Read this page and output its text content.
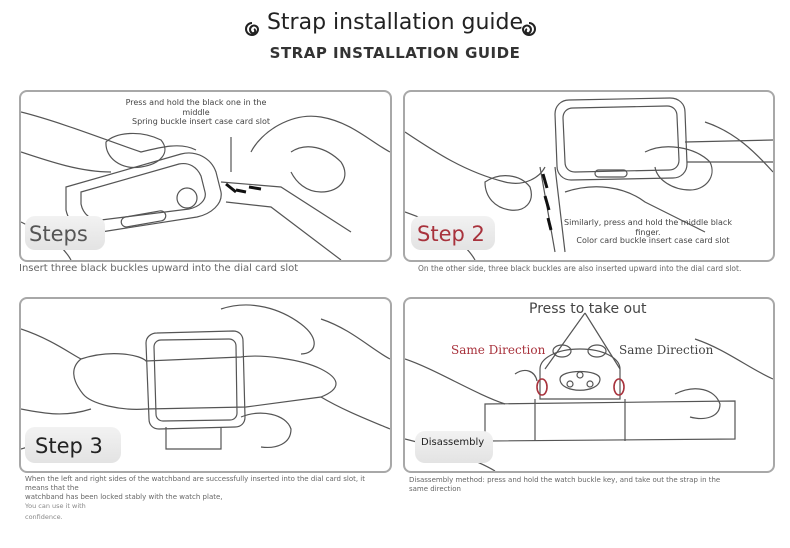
Strap installation guide
STRAP INSTALLATION GUIDE
Press and hold the black one in the middle
Spring buckle insert case card slot
Steps
Insert three black buckles upward into the dial card slot
Similarly, press and hold the middle black finger.
Color card buckle insert case card slot
Step 2
On the other side, three black buckles are also inserted upward into the dial card slot.
Step 3
When the left and right sides of the watchband are successfully inserted into the dial card slot, it means that the
watchband has been locked stably with the watch plate,
You can use it with
confidence.
Press to take out
Same Direction	Same Direction
Disassembly
Disassembly method: press and hold the watch buckle key, and take out the strap in the
same direction
